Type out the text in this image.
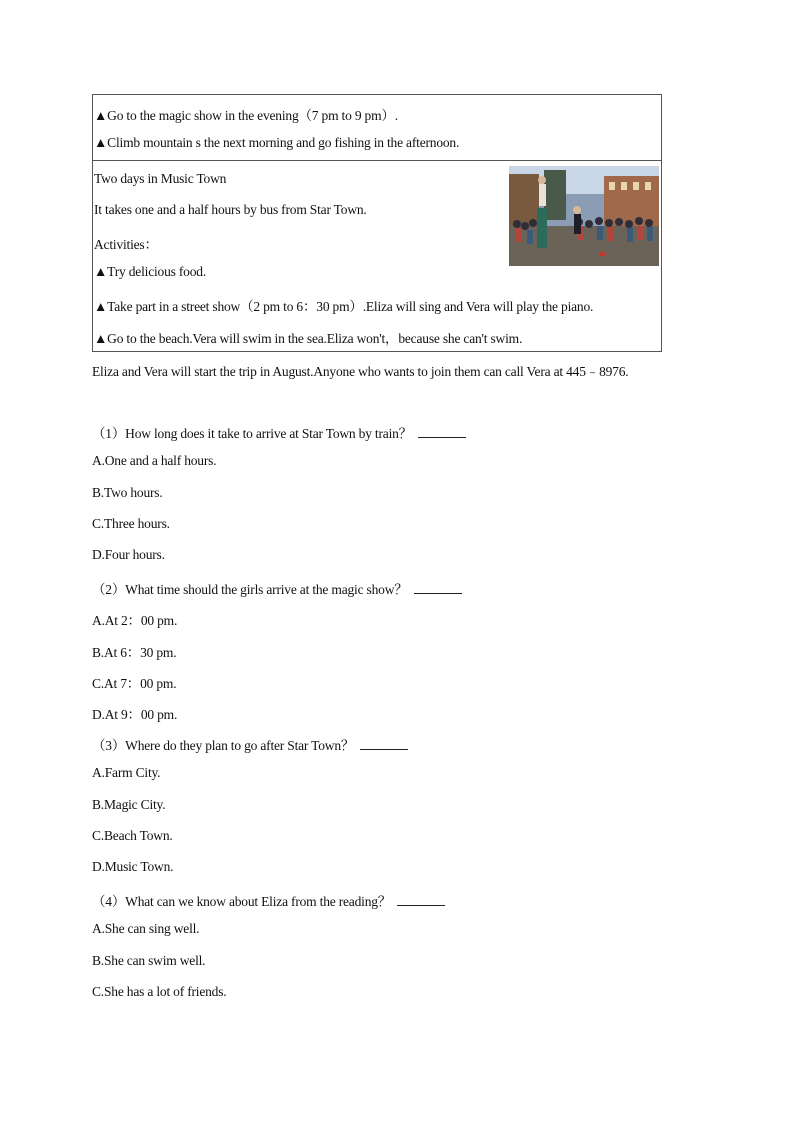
▲Go to the magic show in the evening（7 pm to 9 pm）.
▲Climb mountain s the next morning and go fishing in the afternoon.
Two days in Music Town
It takes one and a half hours by bus from Star Town.
Activities：
▲Try delicious food.
▲Take part in a street show（2 pm to 6：30 pm）.Eliza will sing and Vera will play the piano.
▲Go to the beach.Vera will swim in the sea.Eliza won't，because she can't swim.
Eliza and Vera will start the trip in August.Anyone who wants to join them can call Vera at 445﹣8976.
（1）How long does it take to arrive at Star Town by train？
A.One and a half hours.
B.Two hours.
C.Three hours.
D.Four hours.
（2）What time should the girls arrive at the magic show？
A.At 2：00 pm.
B.At 6：30 pm.
C.At 7：00 pm.
D.At 9：00 pm.
（3）Where do they plan to go after Star Town？
A.Farm City.
B.Magic City.
C.Beach Town.
D.Music Town.
（4）What can we know about Eliza from the reading？
A.She can sing well.
B.She can swim well.
C.She has a lot of friends.
